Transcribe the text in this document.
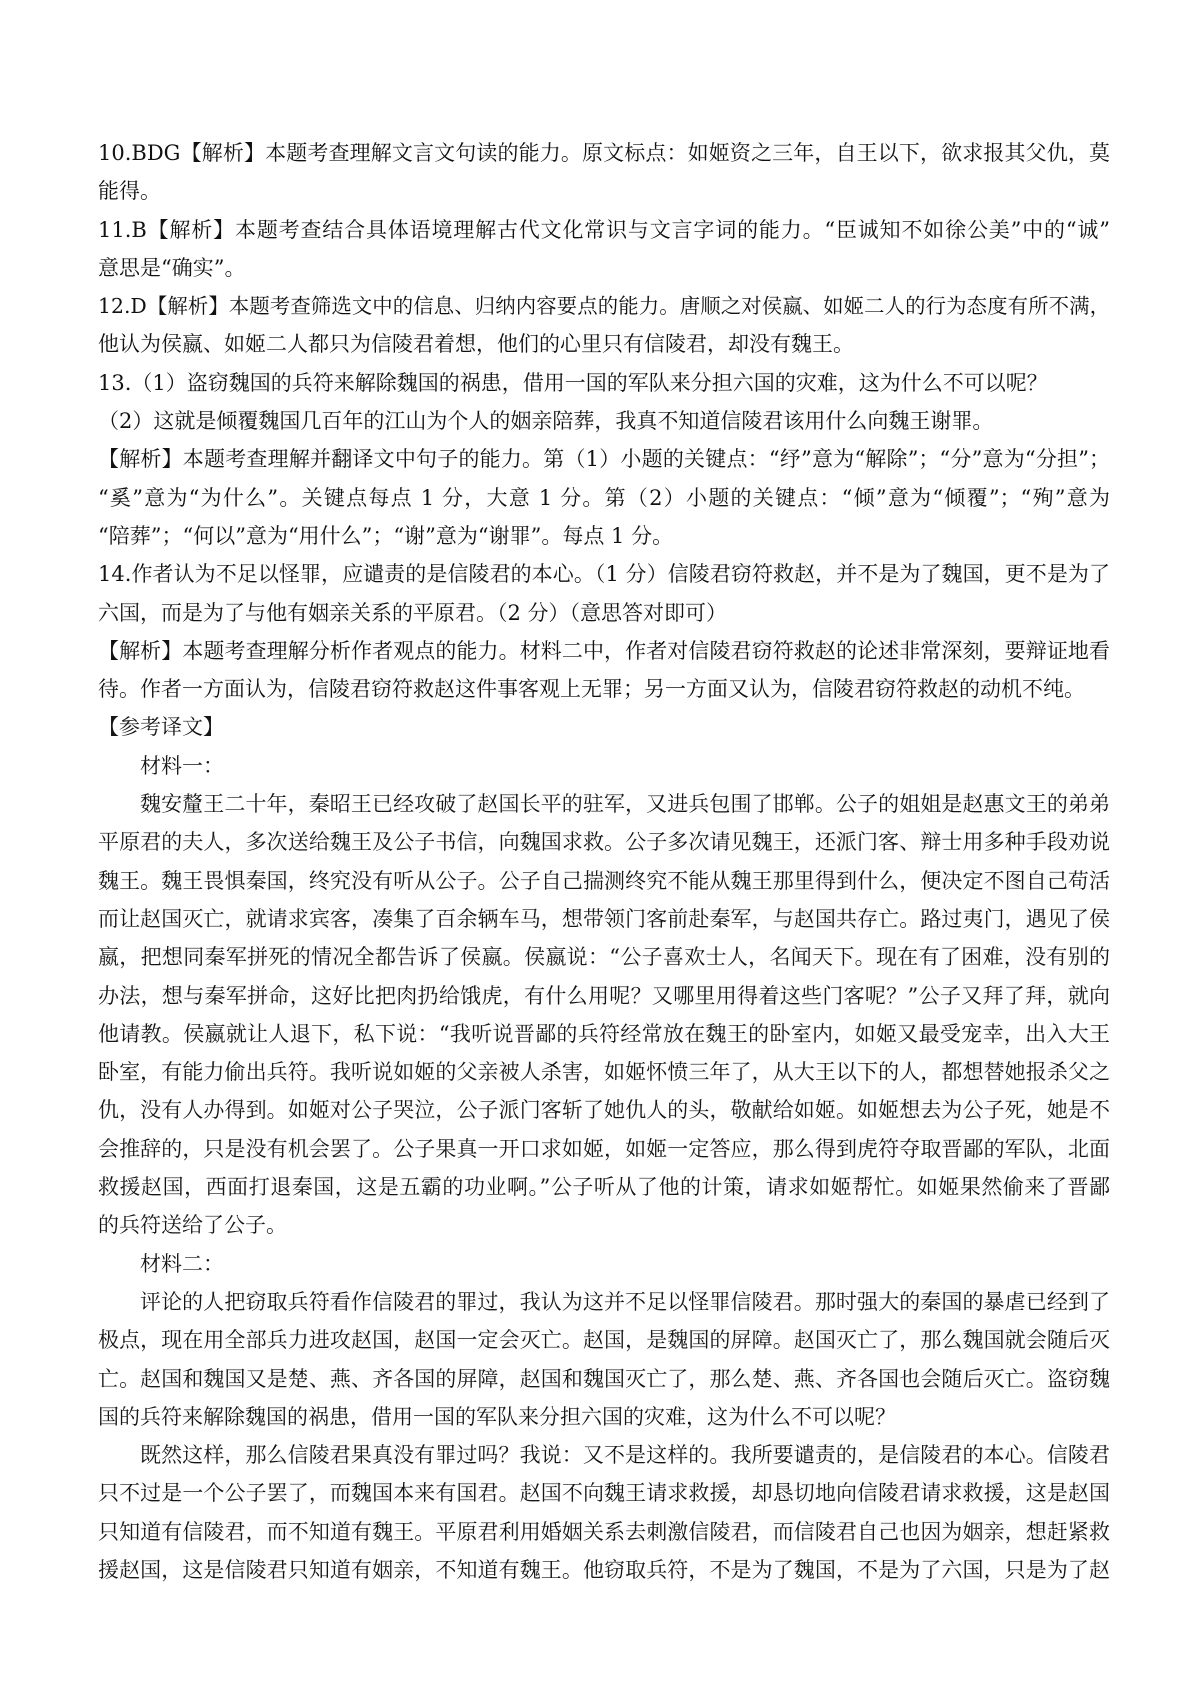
10.BDG【解析】本题考查理解文言文句读的能力。原文标点：如姬资之三年，自王以下，欲求报其父仇，莫
能得。
11.B【解析】本题考查结合具体语境理解古代文化常识与文言字词的能力。“臣诚知不如徐公美”中的“诚”
意思是“确实”。
12.D【解析】本题考查筛选文中的信息、归纳内容要点的能力。唐顺之对侯嬴、如姬二人的行为态度有所不满，
他认为侯嬴、如姬二人都只为信陵君着想，他们的心里只有信陵君，却没有魏王。
13.（1）盗窃魏国的兵符来解除魏国的祸患，借用一国的军队来分担六国的灾难，这为什么不可以呢？
（2）这就是倾覆魏国几百年的江山为个人的姻亲陪葬，我真不知道信陵君该用什么向魏王谢罪。
【解析】本题考查理解并翻译文中句子的能力。第（1）小题的关键点：“纾”意为“解除”；“分”意为“分担”；
“奚”意为“为什么”。关键点每点 1 分，大意 1 分。第（2）小题的关键点：“倾”意为“倾覆”；“殉”意为
“陪葬”；“何以”意为“用什么”；“谢”意为“谢罪”。每点 1 分。
14.作者认为不足以怪罪，应谴责的是信陵君的本心。（1 分）信陵君窃符救赵，并不是为了魏国，更不是为了
六国，而是为了与他有姻亲关系的平原君。（2 分）（意思答对即可）
【解析】本题考查理解分析作者观点的能力。材料二中，作者对信陵君窃符救赵的论述非常深刻，要辩证地看
待。作者一方面认为，信陵君窃符救赵这件事客观上无罪；另一方面又认为，信陵君窃符救赵的动机不纯。
【参考译文】
材料一：
魏安釐王二十年，秦昭王已经攻破了赵国长平的驻军，又进兵包围了邯郸。公子的姐姐是赵惠文王的弟弟
平原君的夫人，多次送给魏王及公子书信，向魏国求救。公子多次请见魏王，还派门客、辩士用多种手段劝说
魏王。魏王畏惧秦国，终究没有听从公子。公子自己揣测终究不能从魏王那里得到什么，便决定不图自己苟活
而让赵国灭亡，就请求宾客，凑集了百余辆车马，想带领门客前赴秦军，与赵国共存亡。路过夷门，遇见了侯
嬴，把想同秦军拼死的情况全都告诉了侯嬴。侯嬴说：“公子喜欢士人，名闻天下。现在有了困难，没有别的
办法，想与秦军拼命，这好比把肉扔给饿虎，有什么用呢？又哪里用得着这些门客呢？”公子又拜了拜，就向
他请教。侯嬴就让人退下，私下说：“我听说晋鄙的兵符经常放在魏王的卧室内，如姬又最受宠幸，出入大王
卧室，有能力偷出兵符。我听说如姬的父亲被人杀害，如姬怀愤三年了，从大王以下的人，都想替她报杀父之
仇，没有人办得到。如姬对公子哭泣，公子派门客斩了她仇人的头，敬献给如姬。如姬想去为公子死，她是不
会推辞的，只是没有机会罢了。公子果真一开口求如姬，如姬一定答应，那么得到虎符夺取晋鄙的军队，北面
救援赵国，西面打退秦国，这是五霸的功业啊。”公子听从了他的计策，请求如姬帮忙。如姬果然偷来了晋鄙
的兵符送给了公子。
材料二：
评论的人把窃取兵符看作信陵君的罪过，我认为这并不足以怪罪信陵君。那时强大的秦国的暴虐已经到了
极点，现在用全部兵力进攻赵国，赵国一定会灭亡。赵国，是魏国的屏障。赵国灭亡了，那么魏国就会随后灭
亡。赵国和魏国又是楚、燕、齐各国的屏障，赵国和魏国灭亡了，那么楚、燕、齐各国也会随后灭亡。盗窃魏
国的兵符来解除魏国的祸患，借用一国的军队来分担六国的灾难，这为什么不可以呢？
既然这样，那么信陵君果真没有罪过吗？我说：又不是这样的。我所要谴责的，是信陵君的本心。信陵君
只不过是一个公子罢了，而魏国本来有国君。赵国不向魏王请求救援，却恳切地向信陵君请求救援，这是赵国
只知道有信陵君，而不知道有魏王。平原君利用婚姻关系去刺激信陵君，而信陵君自己也因为姻亲，想赶紧救
援赵国，这是信陵君只知道有姻亲，不知道有魏王。他窃取兵符，不是为了魏国，不是为了六国，只是为了赵
